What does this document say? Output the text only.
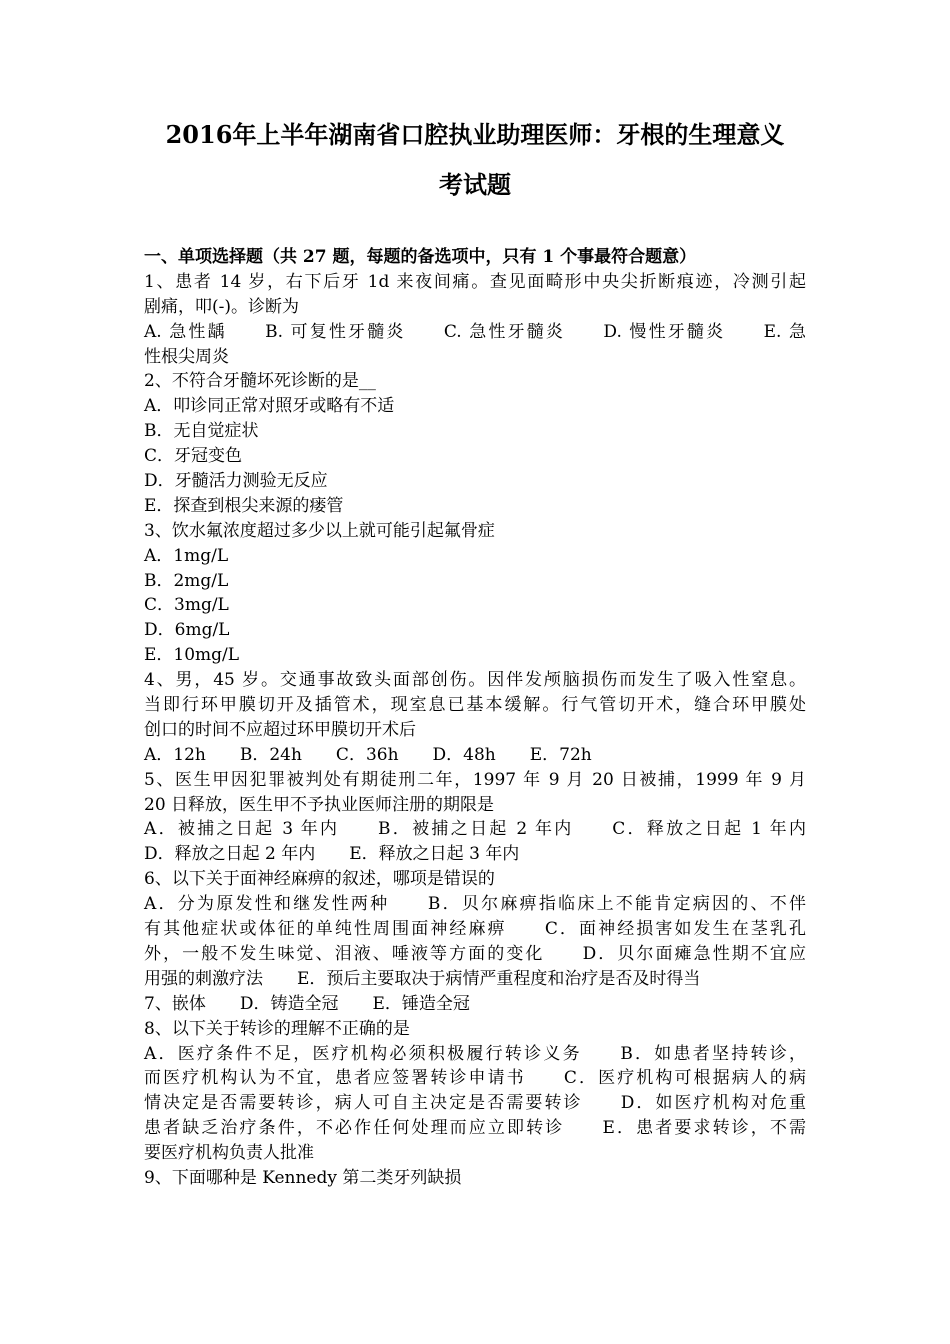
2016年上半年湖南省口腔执业助理医师：牙根的生理意义
考试题
一、单项选择题（共 27 题，每题的备选项中，只有 1 个事最符合题意）
1、患者 14 岁，右下后牙 1d 来夜间痛。查见面畸形中央尖折断痕迹，冷测引起
剧痛，叩(-)。诊断为
A. 急性龋　　B. 可复性牙髓炎　　C. 急性牙髓炎　　D. 慢性牙髓炎　　E. 急
性根尖周炎
2、不符合牙髓坏死诊断的是__
A．叩诊同正常对照牙或略有不适
B．无自觉症状
C．牙冠变色
D．牙髓活力测验无反应
E．探查到根尖来源的瘘管
3、饮水氟浓度超过多少以上就可能引起氟骨症
A．1mg/L
B．2mg/L
C．3mg/L
D．6mg/L
E．10mg/L
4、男，45 岁。交通事故致头面部创伤。因伴发颅脑损伤而发生了吸入性窒息。
当即行环甲膜切开及插管术，现室息已基本缓解。行气管切开术，缝合环甲膜处
创口的时间不应超过环甲膜切开术后
A．12h　　B．24h　　C．36h　　D．48h　　E．72h
5、医生甲因犯罪被判处有期徒刑二年，1997 年 9 月 20 日被捕，1999 年 9 月
20 日释放，医生甲不予执业医师注册的期限是
A．被捕之日起 3 年内　　B．被捕之日起 2 年内　　C．释放之日起 1 年内
D．释放之日起 2 年内　　E．释放之日起 3 年内
6、以下关于面神经麻痹的叙述，哪项是错误的
A．分为原发性和继发性两种　　B．贝尔麻痹指临床上不能肯定病因的、不伴
有其他症状或体征的单纯性周围面神经麻痹　　C．面神经损害如发生在茎乳孔
外，一般不发生味觉、泪液、唾液等方面的变化　　D．贝尔面瘫急性期不宜应
用强的刺激疗法　　E．预后主要取决于病情严重程度和治疗是否及时得当
7、嵌体　　D．铸造全冠　　E．锤造全冠
8、以下关于转诊的理解不正确的是
A．医疗条件不足，医疗机构必须积极履行转诊义务　　B．如患者坚持转诊，
而医疗机构认为不宜，患者应签署转诊申请书　　C．医疗机构可根据病人的病
情决定是否需要转诊，病人可自主决定是否需要转诊　　D．如医疗机构对危重
患者缺乏治疗条件，不必作任何处理而应立即转诊　　E．患者要求转诊，不需
要医疗机构负责人批准
9、下面哪种是 Kennedy 第二类牙列缺损
